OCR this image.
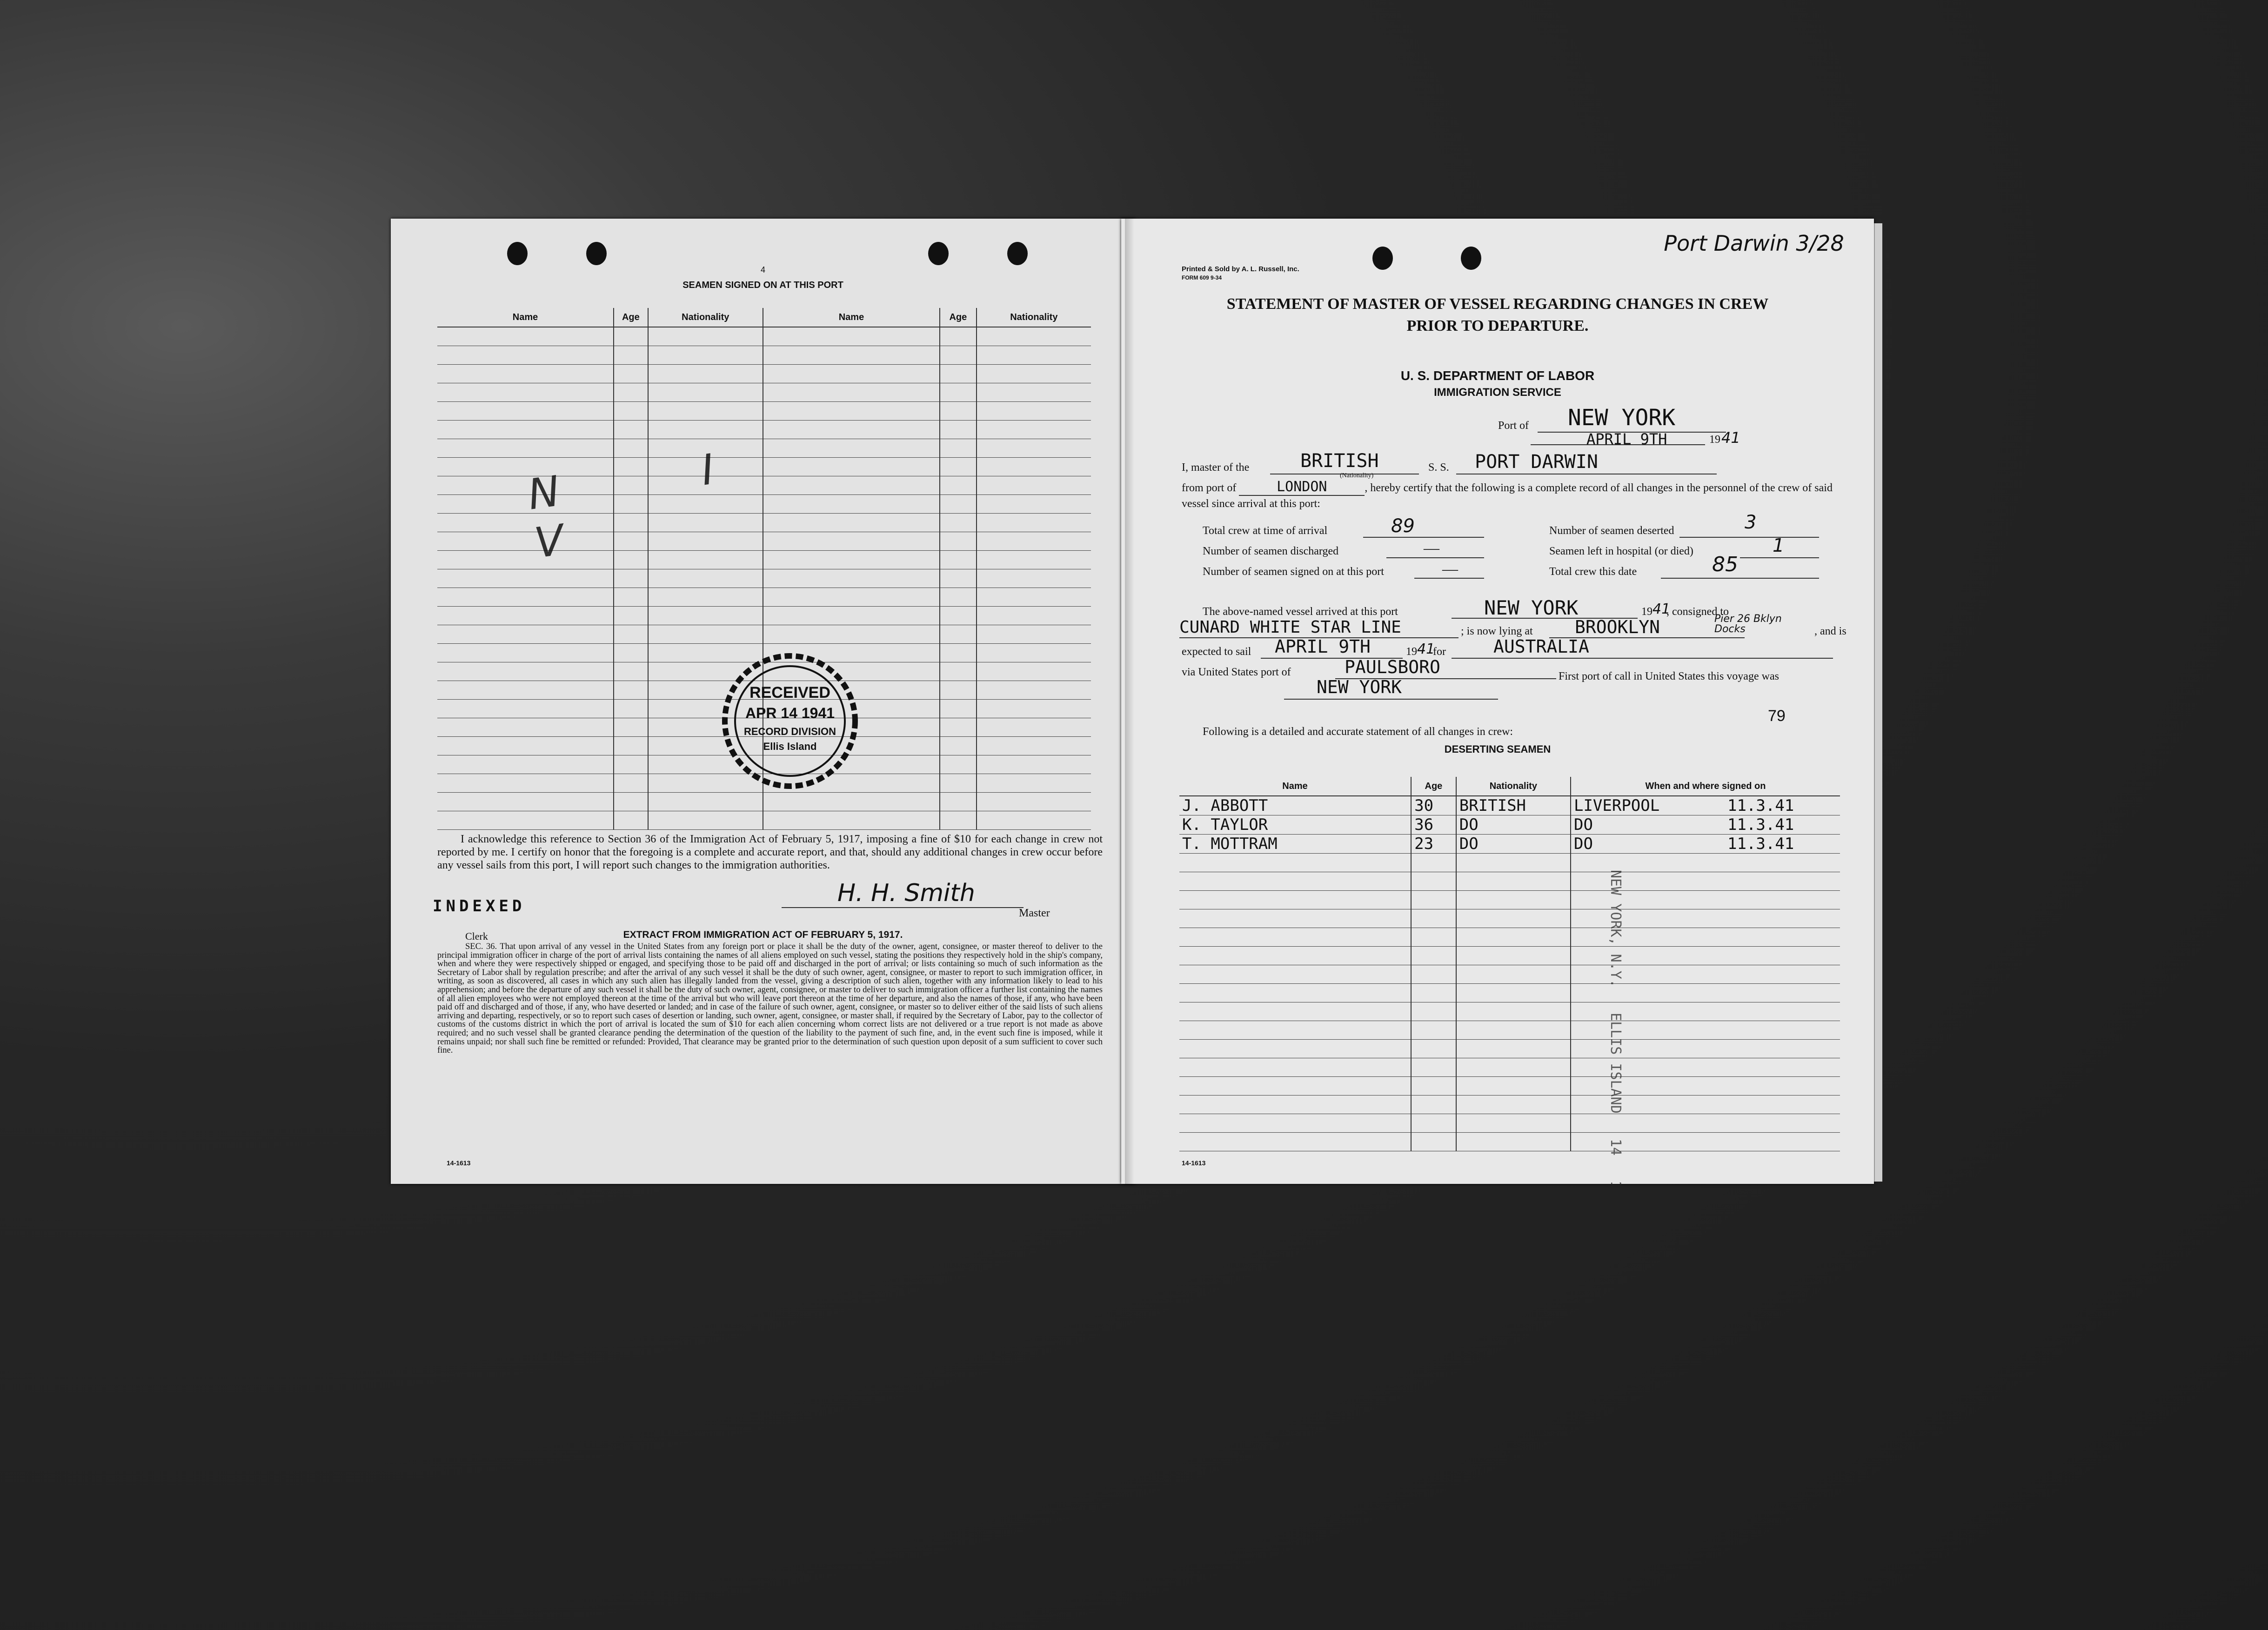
4
SEAMEN SIGNED ON AT THIS PORT
Name	Age	Nationality	Name	Age	Nationality

N I V
RECEIVED
APR 14 1941
RECORD DIVISION
Ellis Island
I acknowledge this reference to Section 36 of the Immigration Act of February 5, 1917, imposing a fine of $10 for each change in crew not reported by me. I certify on honor that the foregoing is a complete and accurate report, and that, should any additional changes in crew occur before any vessel sails from this port, I will report such changes to the immigration authorities.
H. H. Smith
Master
INDEXED
Clerk	EXTRACT FROM IMMIGRATION ACT OF FEBRUARY 5, 1917.
SEC. 36. That upon arrival of any vessel in the United States from any foreign port or place it shall be the duty of the owner, agent, consignee, or master thereof to deliver to the principal immigration officer in charge of the port of arrival lists containing the names of all aliens employed on such vessel, stating the positions they respectively hold in the ship's company, when and where they were respectively shipped or engaged, and specifying those to be paid off and discharged in the port of arrival; or lists containing so much of such information as the Secretary of Labor shall by regulation prescribe; and after the arrival of any such vessel it shall be the duty of such owner, agent, consignee, or master to report to such immigration officer, in writing, as soon as discovered, all cases in which any such alien has illegally landed from the vessel, giving a description of such alien, together with any information likely to lead to his apprehension; and before the departure of any such vessel it shall be the duty of such owner, agent, consignee, or master to deliver to such immigration officer a further list containing the names of all alien employees who were not employed thereon at the time of the arrival but who will leave port thereon at the time of her departure, and also the names of those, if any, who have been paid off and discharged and of those, if any, who have deserted or landed; and in case of the failure of such owner, agent, consignee, or master so to deliver either of the said lists of such aliens arriving and departing, respectively, or so to report such cases of desertion or landing, such owner, agent, consignee, or master shall, if required by the Secretary of Labor, pay to the collector of customs of the customs district in which the port of arrival is located the sum of $10 for each alien concerning whom correct lists are not delivered or a true report is not made as above required; and no such vessel shall be granted clearance pending the determination of the question of the liability to the payment of such fine, and, in the event such fine is imposed, while it remains unpaid; nor shall such fine be remitted or refunded: Provided, That clearance may be granted prior to the determination of such question upon deposit of a sum sufficient to cover such fine.
14-1613
Port Darwin 3/28
Printed & Sold by A. L. Russell, Inc.
FORM 609 9-34
STATEMENT OF MASTER OF VESSEL REGARDING CHANGES IN CREW
PRIOR TO DEPARTURE.
U. S. DEPARTMENT OF LABOR
IMMIGRATION SERVICE
Port of NEW YORK
APRIL 9TH	19 41
I, master of the	BRITISH
(Nationality)
S. S. PORT DARWIN
from port of	LONDON	, hereby certify that the following is a complete record of all changes in the personnel of the crew of said vessel since arrival at this port:
Total crew at time of arrival	89	Number of seamen deserted	3
Number of seamen discharged	—	Seamen left in hospital (or died)	1
Number of seamen signed on at this port	—	Total crew this date	85
The above-named vessel arrived at this port	NEW YORK	19 41
, consigned to
CUNARD WHITE STAR LINE	; is now lying at BROOKLYN	Pier 26 Bklyn Docks	, and is
expected to sail APRIL 9TH	19 41
for	AUSTRALIA
via United States port of	PAULSBORO	First port of call in United States this voyage was
NEW YORK
79
Following is a detailed and accurate statement of all changes in crew:
DESERTING SEAMEN
Name	Age	Nationality	When and where signed on
J. ABBOTT	30	BRITISH	LIVERPOOL 11.3.41
K. TAYLOR	36	DO	DO 11.3.41
T. MOTTRAM	23	DO	DO 11.3.41

NEW YORK, N.Y.   ELLIS ISLAND   14   10 02
14-1613
